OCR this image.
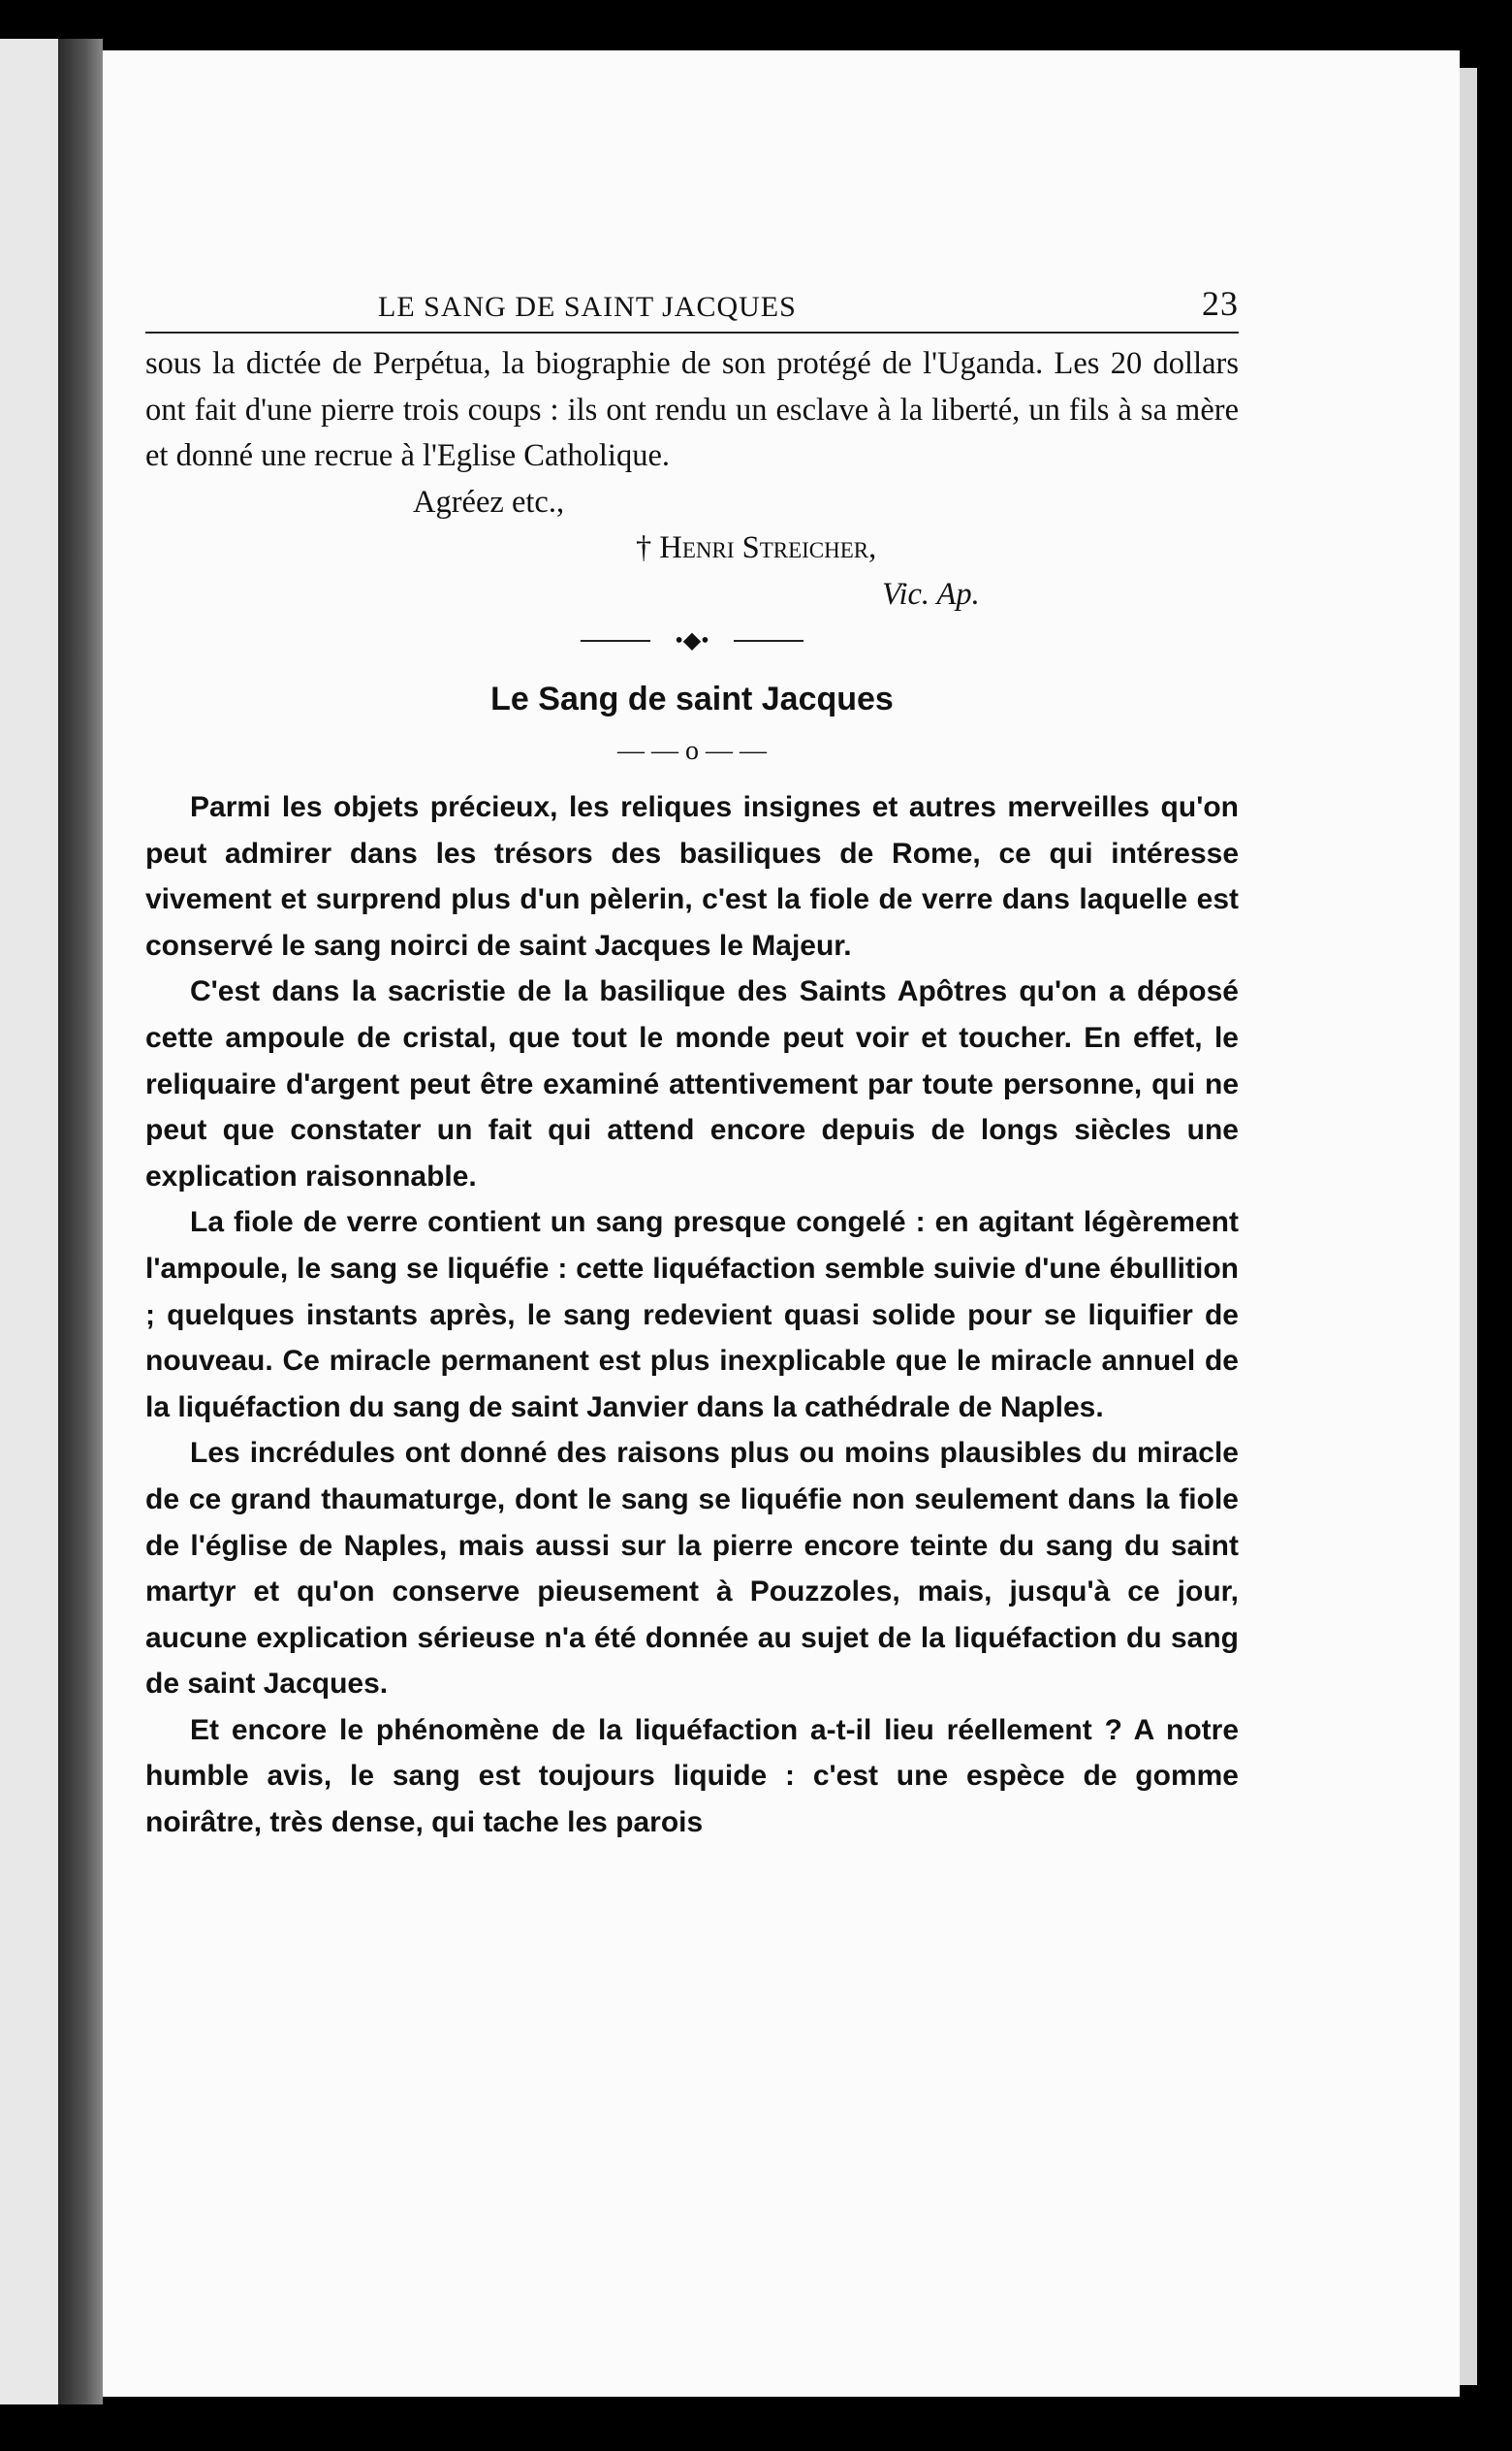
LE SANG DE SAINT JACQUES	23

sous la dictée de Perpétua, la biographie de son protégé de l'Uganda. Les 20 dollars ont fait d'une pierre trois coups : ils ont rendu un esclave à la liberté, un fils à sa mère et donné une recrue à l'Eglise Catholique.

Agréez etc.,

† Henri Streicher,

Vic. Ap.

•◆•
Le Sang de saint Jacques
— — o — —

Parmi les objets précieux, les reliques insignes et autres merveilles qu'on peut admirer dans les trésors des basiliques de Rome, ce qui intéresse vivement et surprend plus d'un pèlerin, c'est la fiole de verre dans laquelle est conservé le sang noirci de saint Jacques le Majeur.

C'est dans la sacristie de la basilique des Saints Apôtres qu'on a déposé cette ampoule de cristal, que tout le monde peut voir et toucher. En effet, le reliquaire d'argent peut être examiné attentivement par toute personne, qui ne peut que constater un fait qui attend encore depuis de longs siècles une explication raisonnable.

La fiole de verre contient un sang presque congelé : en agitant légèrement l'ampoule, le sang se liquéfie : cette liquéfaction semble suivie d'une ébullition ; quelques instants après, le sang redevient quasi solide pour se liquifier de nouveau. Ce miracle permanent est plus inexplicable que le miracle annuel de la liquéfaction du sang de saint Janvier dans la cathédrale de Naples.

Les incrédules ont donné des raisons plus ou moins plausibles du miracle de ce grand thaumaturge, dont le sang se liquéfie non seulement dans la fiole de l'église de Naples, mais aussi sur la pierre encore teinte du sang du saint martyr et qu'on conserve pieusement à Pouzzoles, mais, jusqu'à ce jour, aucune explication sérieuse n'a été donnée au sujet de la liquéfaction du sang de saint Jacques.

Et encore le phénomène de la liquéfaction a-t-il lieu réellement ? A notre humble avis, le sang est toujours liquide : c'est une espèce de gomme noirâtre, très dense, qui tache les parois
